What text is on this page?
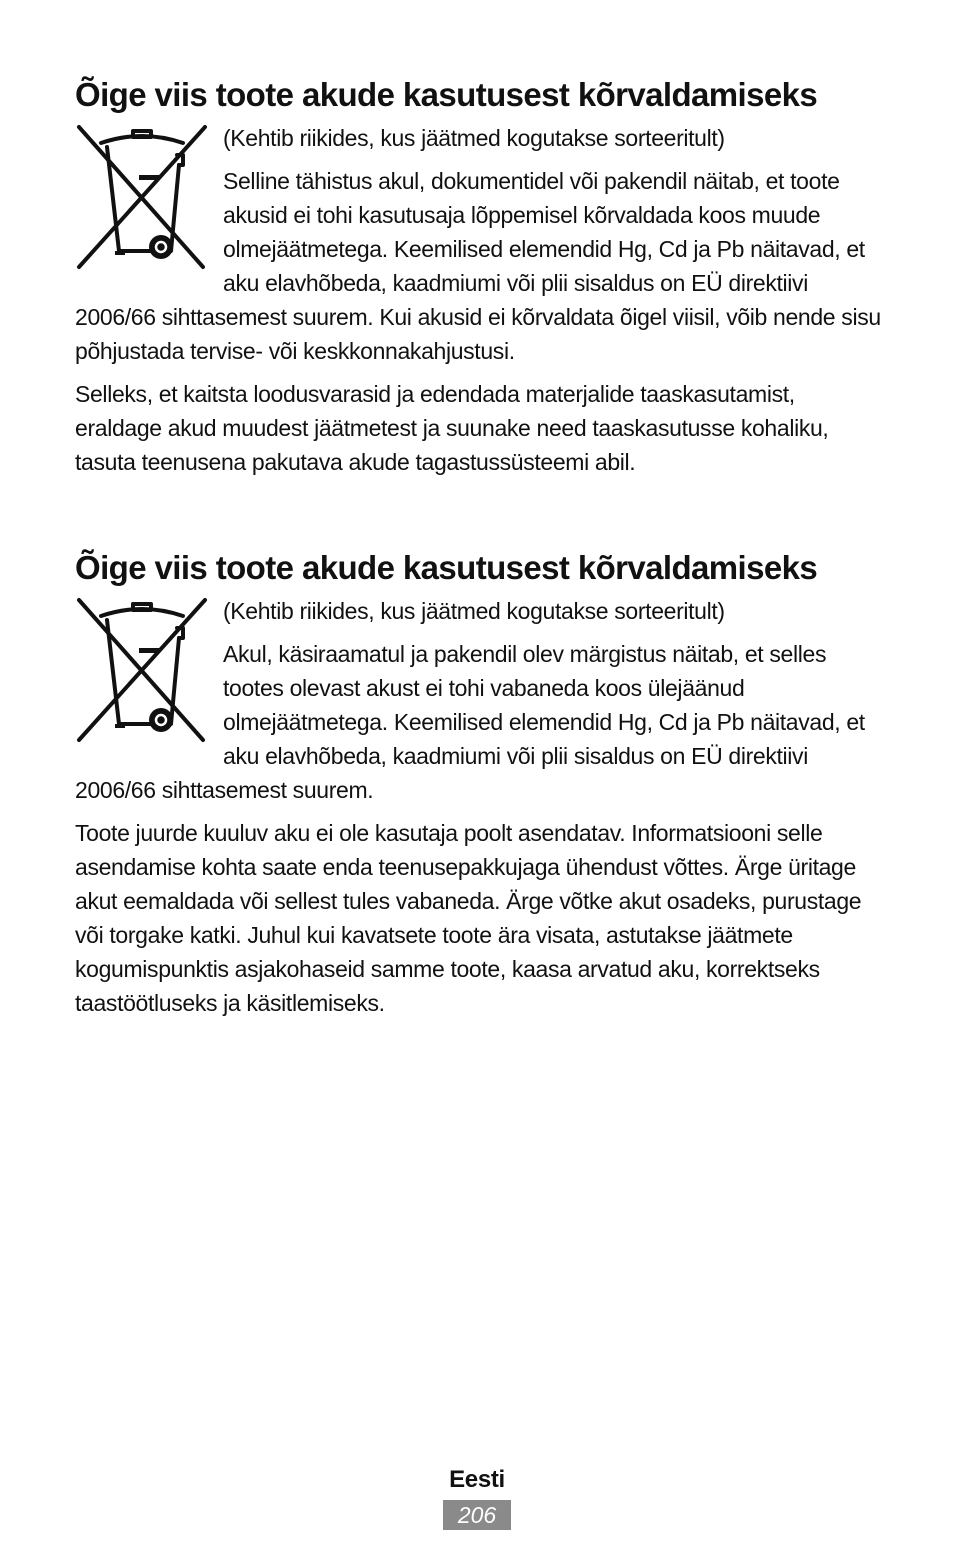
Õige viis toote akude kasutusest kõrvaldamiseks

(Kehtib riikides, kus jäätmed kogutakse sorteeritult)

Selline tähistus akul, dokumentidel või pakendil näitab, et toote akusid ei tohi kasutusaja lõppemisel kõrvaldada koos muude olmejäätmetega. Keemilised elemendid Hg, Cd ja Pb näitavad, et aku elavhõbeda, kaadmiumi või plii sisaldus on EÜ direktiivi 2006/66 sihttasemest suurem. Kui akusid ei kõrvaldata õigel viisil, võib nende sisu põhjustada tervise- või keskkonnakahjustusi.

Selleks, et kaitsta loodusvarasid ja edendada materjalide taaskasutamist, eraldage akud muudest jäätmetest ja suunake need taaskasutusse kohaliku, tasuta teenusena pakutava akude tagastussüsteemi abil.

Õige viis toote akude kasutusest kõrvaldamiseks

(Kehtib riikides, kus jäätmed kogutakse sorteeritult)

Akul, käsiraamatul ja pakendil olev märgistus näitab, et selles tootes olevast akust ei tohi vabaneda koos ülejäänud olmejäätmetega. Keemilised elemendid Hg, Cd ja Pb näitavad, et aku elavhõbeda, kaadmiumi või plii sisaldus on EÜ direktiivi 2006/66 sihttasemest suurem.

Toote juurde kuuluv aku ei ole kasutaja poolt asendatav. Informatsiooni selle asendamise kohta saate enda teenusepakkujaga ühendust võttes. Ärge üritage akut eemaldada või sellest tules vabaneda. Ärge võtke akut osadeks, purustage või torgake katki. Juhul kui kavatsete toote ära visata, astutakse jäätmete kogumispunktis asjakohaseid samme toote, kaasa arvatud aku, korrektseks taastöötluseks ja käsitlemiseks.

Eesti
206
